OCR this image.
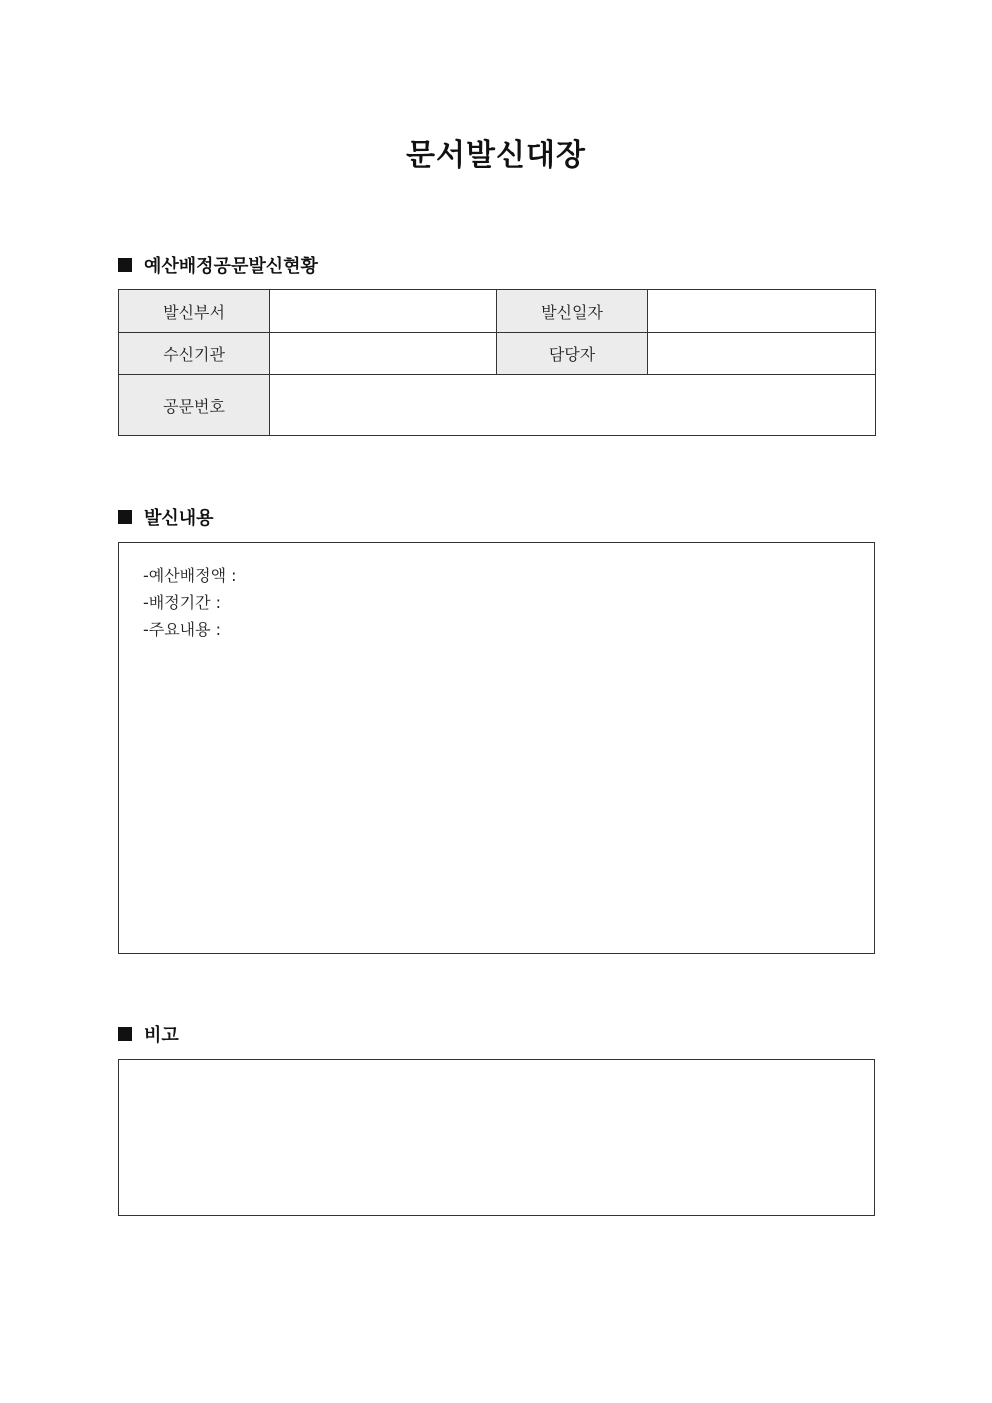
문서발신대장
예산배정공문발신현황
발신부서		발신일자	
수신기관		담당자	
공문번호			
발신내용
-예산배정액 :
-배정기간 :
-주요내용 :
비고
